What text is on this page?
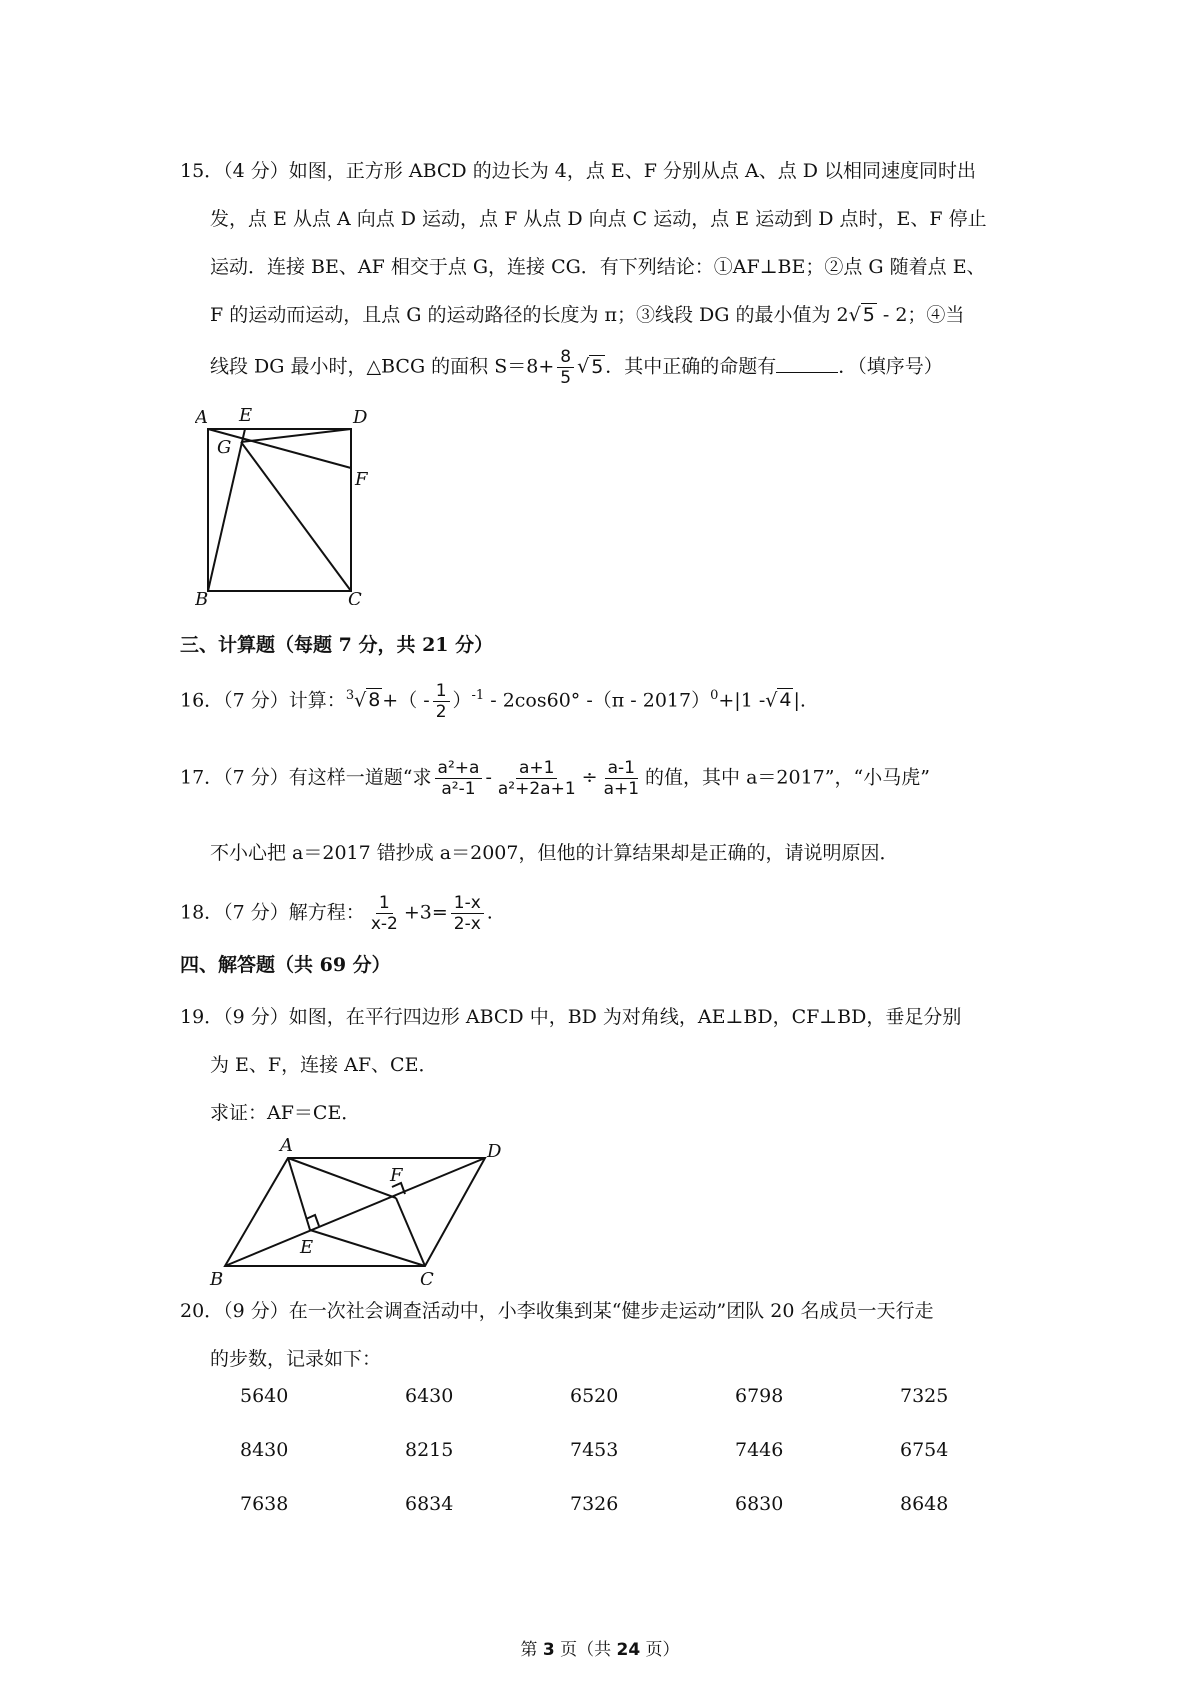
15．（4 分）如图，正方形 ABCD 的边长为 4，点 E、F 分别从点 A、点 D 以相同速度同时出
发，点 E 从点 A 向点 D 运动，点 F 从点 D 向点 C 运动，点 E 运动到 D 点时，E、F 停止
运动．连接 BE、AF 相交于点 G，连接 CG．有下列结论：①AF⊥BE；②点 G 随着点 E、
F 的运动而运动，且点 G 的运动路径的长度为 π；③线段 DG 的最小值为 2√ 5 - 2；④当
线段 DG 最小时，△BCG 的面积 $S=8+ \frac{8}{5}$ √ 5 ．其中正确的命题有	．（填序号）
A E	D
G
F
B	C
三、计算题（每题 7 分，共 21 分）
16．（7 分）计算：$^3$√ 8 +（ - $\frac{1}{2} )^{-1} - 2\cos 60^\circ$ -（π - 2017）$^0$+|1 -√ 4 |.
17．（7 分）有这样一道题“求 $\frac{\text{a²+a}}{\text{a²-1}} - \frac{a+1}{\text{a²+2a+1}} \div \frac{a-1}{a+1}$ 的值，其中 a＝2017”，“小马虎”
不小心把 a＝2017 错抄成 a＝2007，但他的计算结果却是正确的，请说明原因．
18．（7 分）解方程： $\frac{1}{x-2} +3= \frac{1-x}{2-x}$ .
四、解答题（共 69 分）
19．（9 分）如图，在平行四边形 ABCD 中，BD 为对角线，AE⊥BD，CF⊥BD，垂足分别
为 E、F，连接 AF、CE．
求证：AF＝CE．
A	D
F
E
B	C
20．（9 分）在一次社会调查活动中，小李收集到某“健步走运动”团队 20 名成员一天行走
的步数，记录如下：
5640	6430	6520	6798	7325
8430	8215	7453	7446	6754
7638	6834	7326	6830	8648
第 3 页（共 24 页）
